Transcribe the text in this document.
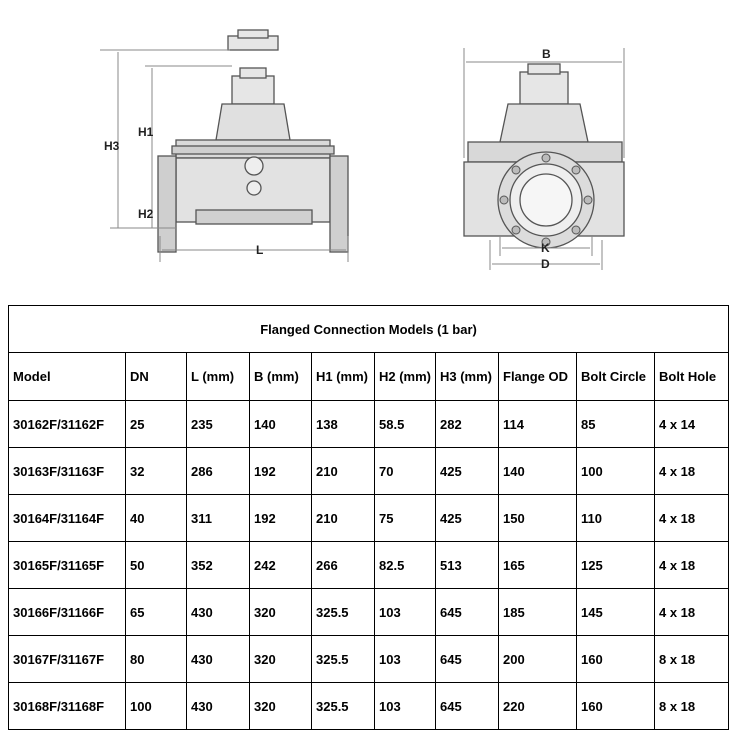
H3
H1
H2
L
B
K
D
Flanged Connection Models (1 bar)									
Model	DN	L (mm)	B (mm)	H1 (mm)	H2 (mm)	H3 (mm)	Flange OD	Bolt Circle	Bolt Hole
30162F/31162F	25	235	140	138	58.5	282	114	85	4 x 14
30163F/31163F	32	286	192	210	70	425	140	100	4 x 18
30164F/31164F	40	311	192	210	75	425	150	110	4 x 18
30165F/31165F	50	352	242	266	82.5	513	165	125	4 x 18
30166F/31166F	65	430	320	325.5	103	645	185	145	4 x 18
30167F/31167F	80	430	320	325.5	103	645	200	160	8 x 18
30168F/31168F	100	430	320	325.5	103	645	220	160	8 x 18
